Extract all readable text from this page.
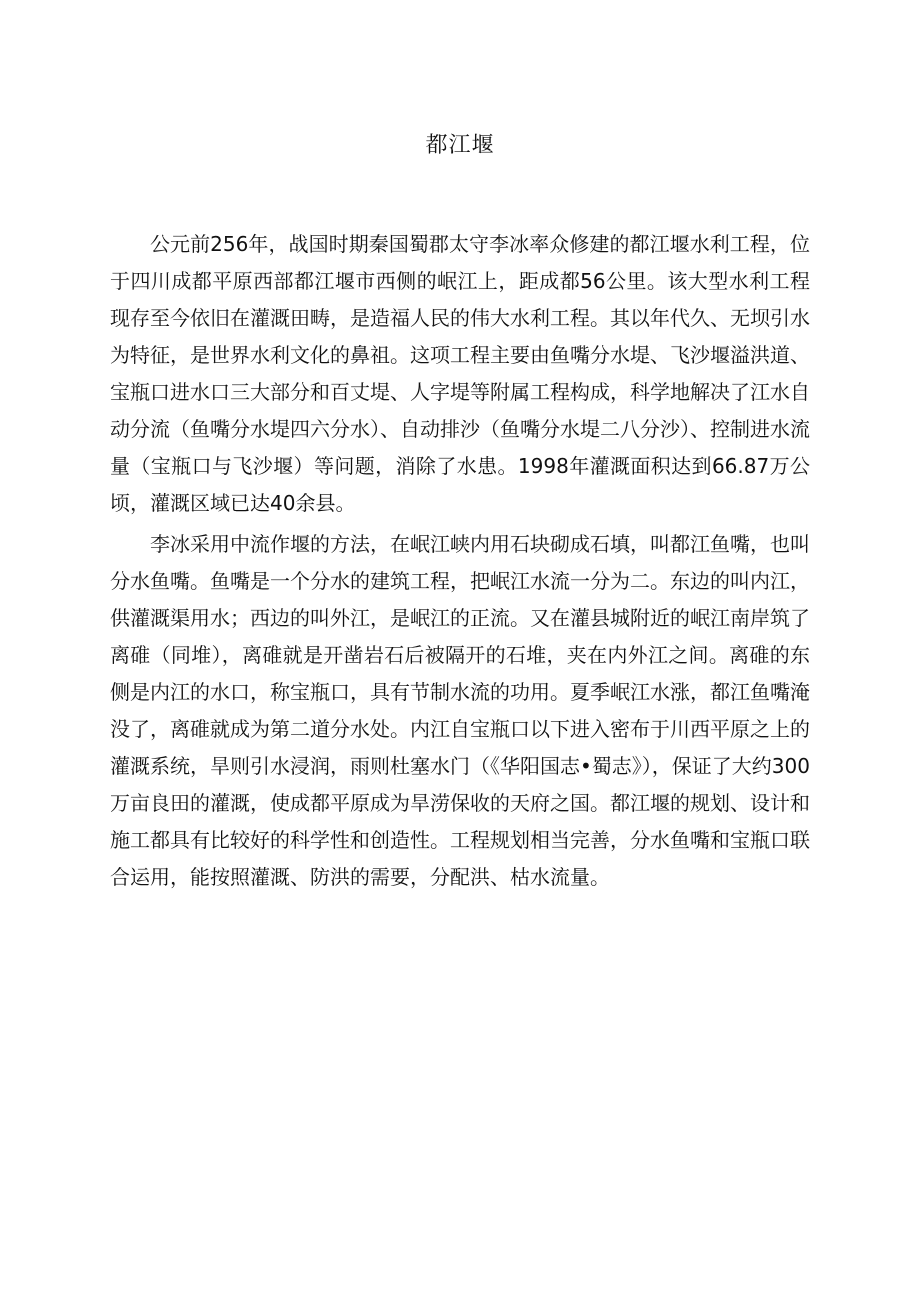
都江堰

公元前256年，战国时期秦国蜀郡太守李冰率众修建的都江堰水利工程，位于四川成都平原西部都江堰市西侧的岷江上，距成都56公里。该大型水利工程现存至今依旧在灌溉田畴，是造福人民的伟大水利工程。其以年代久、无坝引水为特征，是世界水利文化的鼻祖。这项工程主要由鱼嘴分水堤、飞沙堰溢洪道、宝瓶口进水口三大部分和百丈堤、人字堤等附属工程构成，科学地解决了江水自动分流（鱼嘴分水堤四六分水）、自动排沙（鱼嘴分水堤二八分沙）、控制进水流量（宝瓶口与飞沙堰）等问题，消除了水患。1998年灌溉面积达到66.87万公顷，灌溉区域已达40余县。

李冰采用中流作堰的方法，在岷江峡内用石块砌成石填，叫都江鱼嘴，也叫分水鱼嘴。鱼嘴是一个分水的建筑工程，把岷江水流一分为二。东边的叫内江，供灌溉渠用水；西边的叫外江，是岷江的正流。又在灌县城附近的岷江南岸筑了离碓（同堆），离碓就是开凿岩石后被隔开的石堆，夹在内外江之间。离碓的东侧是内江的水口，称宝瓶口，具有节制水流的功用。夏季岷江水涨，都江鱼嘴淹没了，离碓就成为第二道分水处。内江自宝瓶口以下进入密布于川西平原之上的灌溉系统，旱则引水浸润，雨则杜塞水门（《华阳国志•蜀志》），保证了大约300万亩良田的灌溉，使成都平原成为旱涝保收的天府之国。都江堰的规划、设计和施工都具有比较好的科学性和创造性。工程规划相当完善，分水鱼嘴和宝瓶口联合运用，能按照灌溉、防洪的需要，分配洪、枯水流量。
